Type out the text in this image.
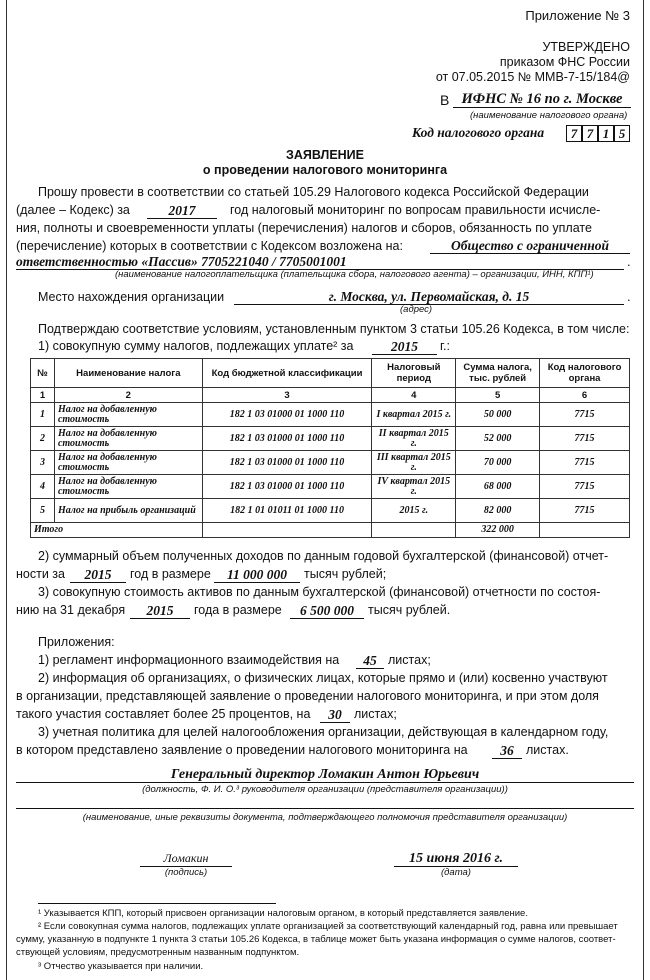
Приложение № 3
УТВЕРЖДЕНО
приказом ФНС России
от 07.05.2015 № ММВ-7-15/184@
В ИФНС № 16 по г. Москве
(наименование налогового органа)
Код налогового органа	7 7 1 5
ЗАЯВЛЕНИЕ
о проведении налогового мониторинга
Прошу провести в соответствии со статьей 105.29 Налогового кодекса Российской Федерации
(далее – Кодекс) за	2017	год налоговый мониторинг по вопросам правильности исчисле-
ния, полноты и своевременности уплаты (перечисления) налогов и сборов, обязанность по уплате
(перечисление) которых в соответствии с Кодексом возложена на:	Общество с ограниченной
ответственностью «Пассив» 7705221040 / 7705001001	.
(наименование налогоплательщика (плательщика сбора, налогового агента) – организации, ИНН, КПП¹)
Место нахождения организации	г. Москва, ул. Первомайская, д. 15	.
(адрес)
Подтверждаю соответствие условиям, установленным пунктом 3 статьи 105.26 Кодекса, в том числе:
1) совокупную сумму налогов, подлежащих уплате² за	2015	г.:
№	Наименование налога	Код бюджетной классификации	Налоговый период	Сумма налога, тыс. рублей	Код налогового органа
1	2	3	4	5	6
1	Налог на добавленную стоимость	182 1 03 01000 01 1000 110	I квартал 2015 г.	50 000	7715
2	Налог на добавленную стоимость	182 1 03 01000 01 1000 110	II квартал 2015 г.	52 000	7715
3	Налог на добавленную стоимость	182 1 03 01000 01 1000 110	III квартал 2015 г.	70 000	7715
4	Налог на добавленную стоимость	182 1 03 01000 01 1000 110	IV квартал 2015 г.	68 000	7715
5	Налог на прибыль организаций	182 1 01 01011 01 1000 110	2015 г.	82 000	7715
Итого				322 000	
2) суммарный объем полученных доходов по данным годовой бухгалтерской (финансовой) отчет-
ности за	2015	год в размере	11 000 000	тысяч рублей;
3) совокупную стоимость активов по данным бухгалтерской (финансовой) отчетности по состоя-
нию на 31 декабря	2015	года в размере	6 500 000	тысяч рублей.
Приложения:
1) регламент информационного взаимодействия на	45 листах;
2) информация об организациях, о физических лицах, которые прямо и (или) косвенно участвуют
в организации, представляющей заявление о проведении налогового мониторинга, и при этом доля
такого участия составляет более 25 процентов, на	30 листах;
3) учетная политика для целей налогообложения организации, действующая в календарном году,
в котором представлено заявление о проведении налогового мониторинга на	36 листах.
Генеральный директор Ломакин Антон Юрьевич
(должность, Ф. И. О.³ руководителя организации (представителя организации))
(наименование, иные реквизиты документа, подтверждающего полномочия представителя организации)
Ломакин
(подпись)
15 июня 2016 г.
(дата)
¹ Указывается КПП, который присвоен организации налоговым органом, в который представляется заявление.
² Если совокупная сумма налогов, подлежащих уплате организацией за соответствующий календарный год, равна или превышает
сумму, указанную в подпункте 1 пункта 3 статьи 105.26 Кодекса, в таблице может быть указана информация о сумме налогов, соответ-
ствующей условиям, предусмотренным названным подпунктом.
³ Отчество указывается при наличии.
